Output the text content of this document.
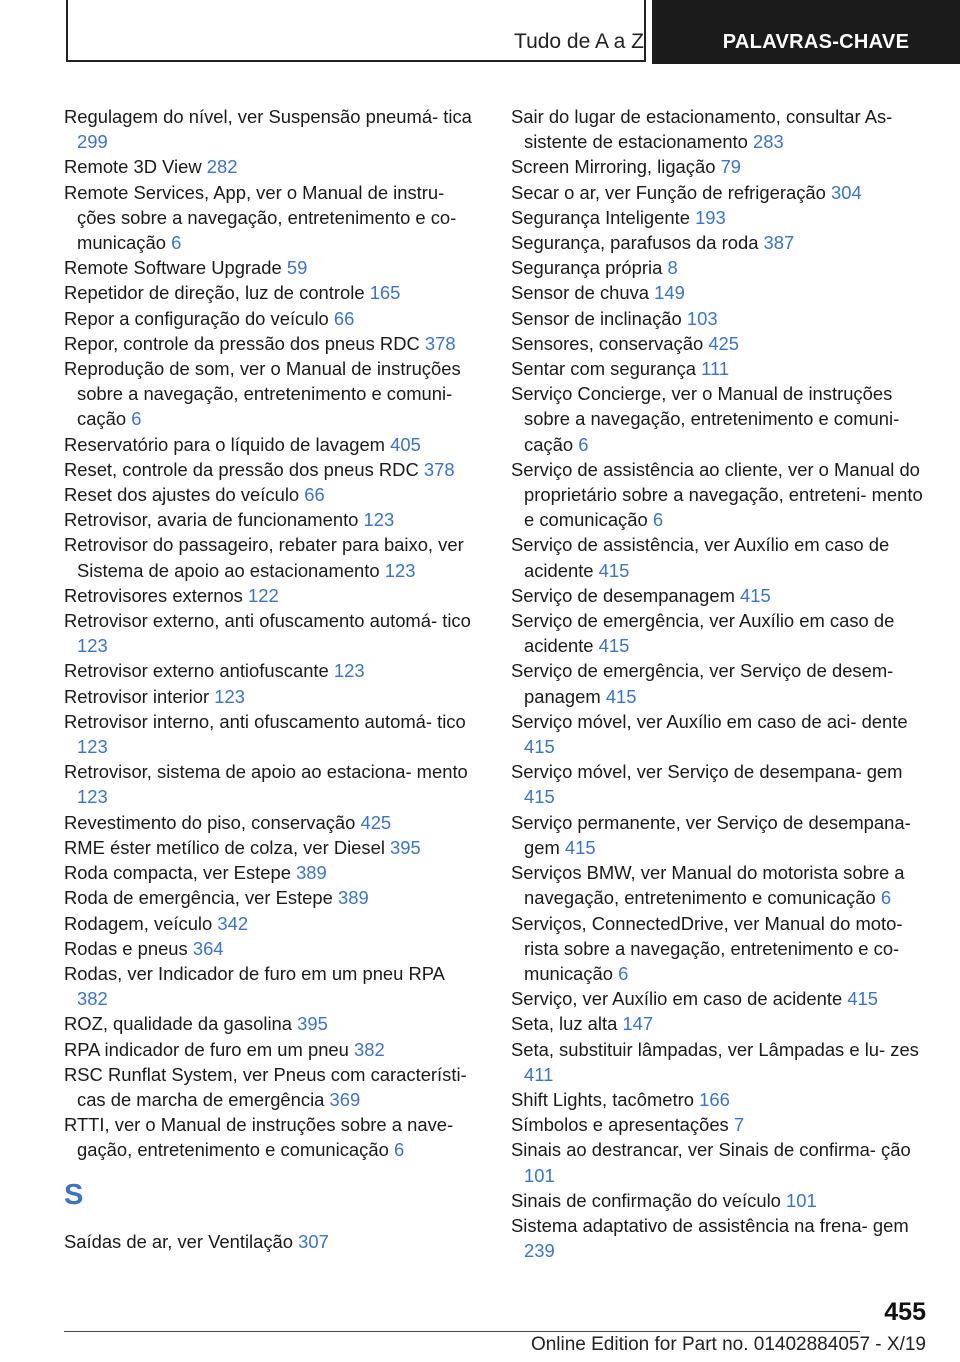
Tudo de A a Z	PALAVRAS-CHAVE

Regulagem do nível, ver Suspensão pneumá- tica 299

Remote 3D View 282

Remote Services, App, ver o Manual de instru- ções sobre a navegação, entretenimento e co- municação 6

Remote Software Upgrade 59

Repetidor de direção, luz de controle 165

Repor a configuração do veículo 66

Repor, controle da pressão dos pneus RDC 378

Reprodução de som, ver o Manual de instruções sobre a navegação, entretenimento e comuni- cação 6

Reservatório para o líquido de lavagem 405

Reset, controle da pressão dos pneus RDC 378

Reset dos ajustes do veículo 66

Retrovisor, avaria de funcionamento 123

Retrovisor do passageiro, rebater para baixo, ver Sistema de apoio ao estacionamento 123

Retrovisores externos 122

Retrovisor externo, anti ofuscamento automá- tico 123

Retrovisor externo antiofuscante 123

Retrovisor interior 123

Retrovisor interno, anti ofuscamento automá- tico 123

Retrovisor, sistema de apoio ao estaciona- mento 123

Revestimento do piso, conservação 425

RME éster metílico de colza, ver Diesel 395

Roda compacta, ver Estepe 389

Roda de emergência, ver Estepe 389

Rodagem, veículo 342

Rodas e pneus 364

Rodas, ver Indicador de furo em um pneu RPA 382

ROZ, qualidade da gasolina 395

RPA indicador de furo em um pneu 382

RSC Runflat System, ver Pneus com característi- cas de marcha de emergência 369

RTTI, ver o Manual de instruções sobre a nave- gação, entretenimento e comunicação 6

S

Saídas de ar, ver Ventilação 307

Sair do lugar de estacionamento, consultar As- sistente de estacionamento 283

Screen Mirroring, ligação 79

Secar o ar, ver Função de refrigeração 304

Segurança Inteligente 193

Segurança, parafusos da roda 387

Segurança própria 8

Sensor de chuva 149

Sensor de inclinação 103

Sensores, conservação 425

Sentar com segurança 111

Serviço Concierge, ver o Manual de instruções sobre a navegação, entretenimento e comuni- cação 6

Serviço de assistência ao cliente, ver o Manual do proprietário sobre a navegação, entreteni- mento e comunicação 6

Serviço de assistência, ver Auxílio em caso de acidente 415

Serviço de desempanagem 415

Serviço de emergência, ver Auxílio em caso de acidente 415

Serviço de emergência, ver Serviço de desem- panagem 415

Serviço móvel, ver Auxílio em caso de aci- dente 415

Serviço móvel, ver Serviço de desempana- gem 415

Serviço permanente, ver Serviço de desempana- gem 415

Serviços BMW, ver Manual do motorista sobre a navegação, entretenimento e comunicação 6

Serviços, ConnectedDrive, ver Manual do moto- rista sobre a navegação, entretenimento e co- municação 6

Serviço, ver Auxílio em caso de acidente 415

Seta, luz alta 147

Seta, substituir lâmpadas, ver Lâmpadas e lu- zes 411

Shift Lights, tacômetro 166

Símbolos e apresentações 7

Sinais ao destrancar, ver Sinais de confirma- ção 101

Sinais de confirmação do veículo 101

Sistema adaptativo de assistência na frena- gem 239

455
Online Edition for Part no. 01402884057 - X/19
